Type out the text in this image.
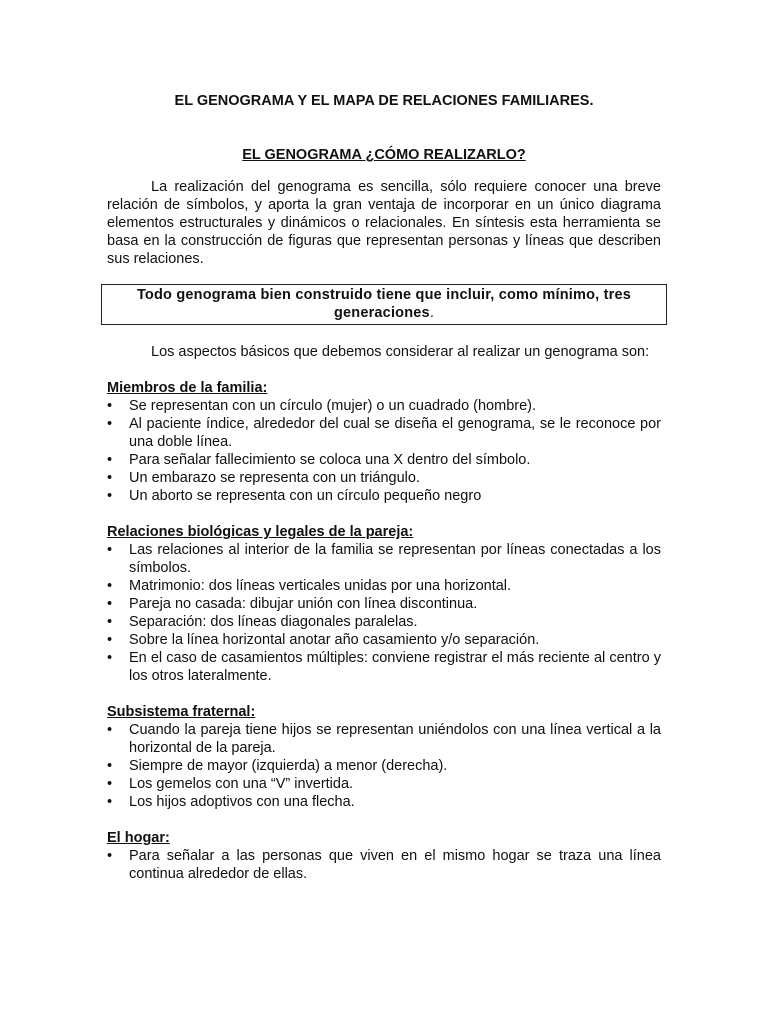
EL GENOGRAMA Y EL MAPA DE RELACIONES FAMILIARES.

EL GENOGRAMA ¿CÓMO REALIZARLO?

La realización del genograma es sencilla, sólo requiere conocer una breve relación de símbolos, y aporta la gran ventaja de incorporar en un único diagrama elementos estructurales y dinámicos o relacionales. En síntesis esta herramienta se basa en la construcción de figuras que representan personas y líneas que describen sus relaciones.

Todo genograma bien construido tiene que incluir, como mínimo, tres generaciones.

Los aspectos básicos que debemos considerar al realizar un genograma son:

Miembros de la familia:

•	Se representan con un círculo (mujer) o un cuadrado (hombre).
•	Al paciente índice, alrededor del cual se diseña el genograma, se le reconoce por una doble línea.
•	Para señalar fallecimiento se coloca una X dentro del símbolo.
•	Un embarazo se representa con un triángulo.
•	Un aborto se representa con un círculo pequeño negro

Relaciones biológicas y legales de la pareja:

•	Las relaciones al interior de la familia se representan por líneas conectadas a los símbolos.
•	Matrimonio: dos líneas verticales unidas por una horizontal.
•	Pareja no casada: dibujar unión con línea discontinua.
•	Separación: dos líneas diagonales paralelas.
•	Sobre la línea horizontal anotar año casamiento y/o separación.
•	En el caso de casamientos múltiples: conviene registrar el más reciente al centro y los otros lateralmente.

Subsistema fraternal:

•	Cuando la pareja tiene hijos se representan uniéndolos con una línea vertical a la horizontal de la pareja.
•	Siempre de mayor (izquierda) a menor (derecha).
•	Los gemelos con una “V” invertida.
•	Los hijos adoptivos con una flecha.

El hogar:

•	Para señalar a las personas que viven en el mismo hogar se traza una línea continua alrededor de ellas.
